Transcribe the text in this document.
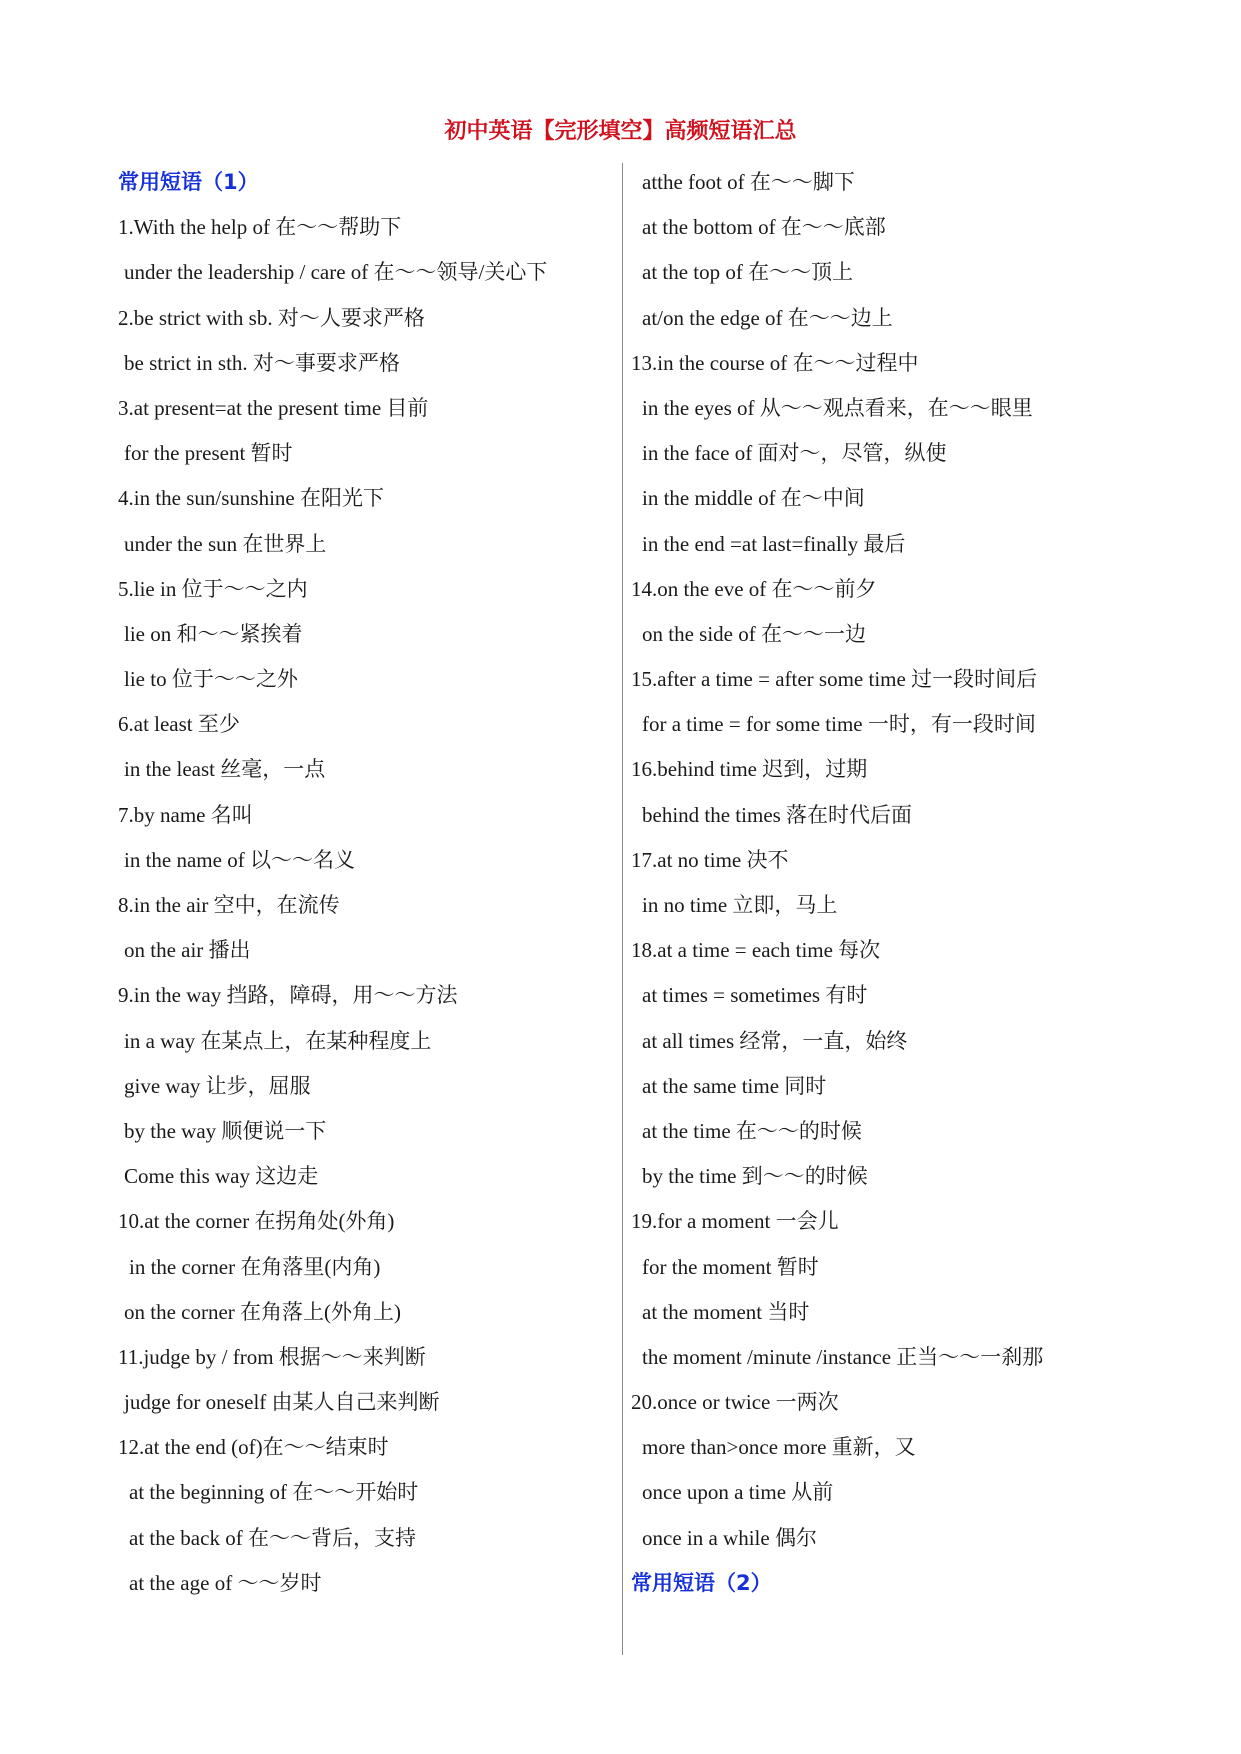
初中英语【完形填空】高频短语汇总
常用短语（1）
1.With the help of 在～～帮助下
under the leadership / care of 在～～领导/关心下
2.be strict with sb. 对～人要求严格
be strict in sth. 对～事要求严格
3.at present=at the present time 目前
for the present 暂时
4.in the sun/sunshine 在阳光下
under the sun 在世界上
5.lie in 位于～～之内
lie on 和～～紧挨着
lie to 位于～～之外
6.at least 至少
in the least 丝毫，一点
7.by name 名叫
in the name of 以～～名义
8.in the air 空中，在流传
on the air 播出
9.in the way 挡路，障碍，用～～方法
in a way 在某点上，在某种程度上
give way 让步，屈服
by the way 顺便说一下
Come this way 这边走
10.at the corner 在拐角处(外角)
in the corner 在角落里(内角)
on the corner 在角落上(外角上)
11.judge by / from 根据～～来判断
judge for oneself 由某人自己来判断
12.at the end (of)在～～结束时
at the beginning of 在～～开始时
at the back of 在～～背后，支持
at the age of ～～岁时
atthe foot of 在～～脚下
at the bottom of 在～～底部
at the top of 在～～顶上
at/on the edge of 在～～边上
13.in the course of 在～～过程中
in the eyes of 从～～观点看来，在～～眼里
in the face of 面对～，尽管，纵使
in the middle of 在～中间
in the end =at last=finally 最后
14.on the eve of 在～～前夕
on the side of 在～～一边
15.after a time = after some time 过一段时间后
for a time = for some time 一时，有一段时间
16.behind time 迟到，过期
behind the times 落在时代后面
17.at no time 决不
in no time 立即，马上
18.at a time = each time 每次
at times = sometimes 有时
at all times 经常，一直，始终
at the same time 同时
at the time 在～～的时候
by the time 到～～的时候
19.for a moment 一会儿
for the moment 暂时
at the moment 当时
the moment /minute /instance 正当～～一刹那
20.once or twice 一两次
more than>once more 重新，又
once upon a time 从前
once in a while 偶尔
常用短语（2）
